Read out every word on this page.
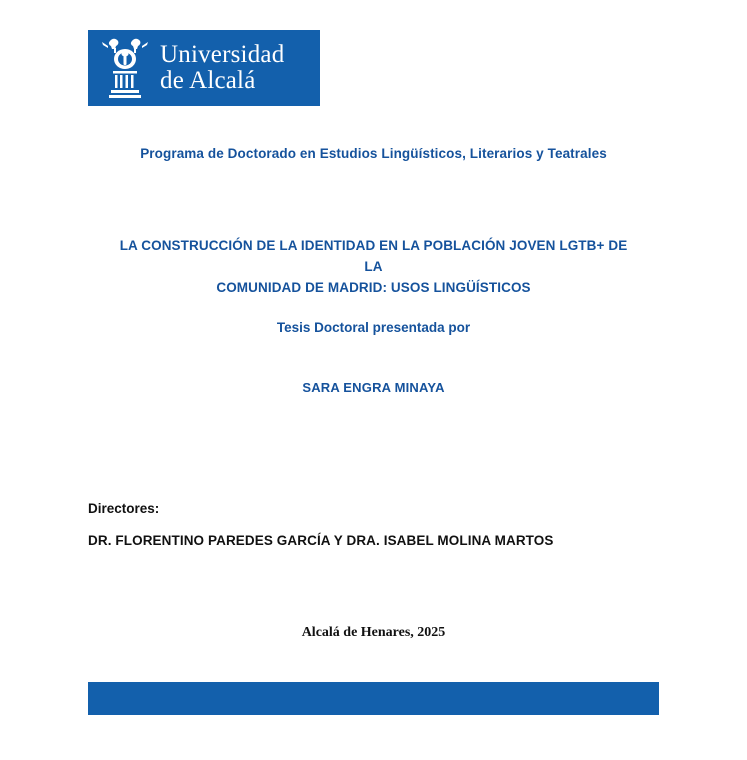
Universidad
de Alcalá
Programa de Doctorado en Estudios Lingüísticos, Literarios y Teatrales
LA CONSTRUCCIÓN DE LA IDENTIDAD EN LA POBLACIÓN JOVEN LGTB+ DE LA
COMUNIDAD DE MADRID: USOS LINGÜÍSTICOS
Tesis Doctoral presentada por
SARA ENGRA MINAYA
Directores:
DR. FLORENTINO PAREDES GARCÍA Y DRA. ISABEL MOLINA MARTOS
Alcalá de Henares, 2025
